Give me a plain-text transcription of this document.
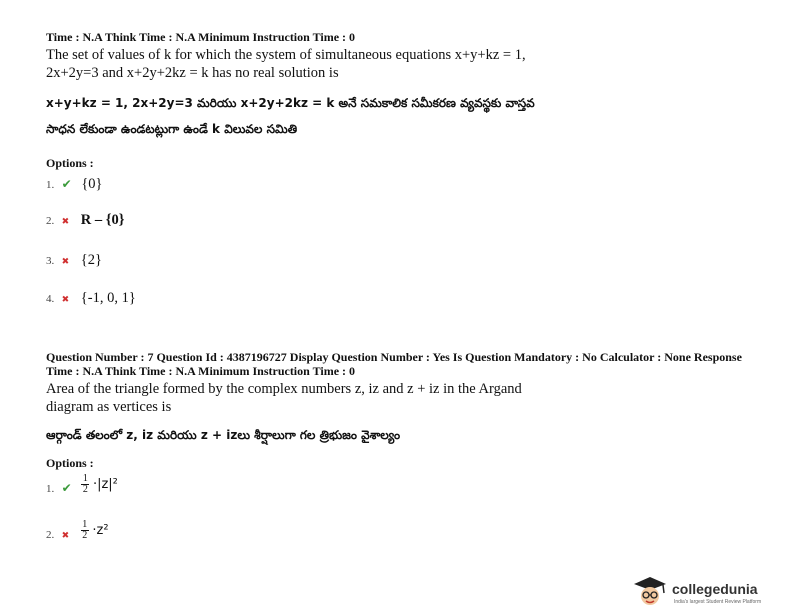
Time : N.A Think Time : N.A Minimum Instruction Time : 0
The set of values of k for which the system of simultaneous equations x+y+kz = 1,
2x+2y=3 and x+2y+2kz = k has no real solution is
x+y+kz = 1, 2x+2y=3 మరియు x+2y+2kz = k అనే సమకాలిక సమీకరణ వ్యవస్థకు వాస్తవ
సాధన లేకుండా ఉండటట్లుగా ఉండే k విలువల సమితి
Options :
1. ✔ {0}
2. ✖ R – {0}
3. ✖ {2}
4. ✖ {-1, 0, 1}
Question Number : 7 Question Id : 4387196727 Display Question Number : Yes Is Question Mandatory : No Calculator : None Response
Time : N.A Think Time : N.A Minimum Instruction Time : 0
Area of the triangle formed by the complex numbers z, iz and z + iz in the Argand
diagram as vertices is
ఆర్గాండ్ తలంలో z, iz మరియు z + izలు శీర్షాలుగా గల త్రిభుజం వైశాల్యం
Options :
1. ✔ $\frac{1}{2} \cdot|z|^2$
2. ✖ $\frac{1}{2} \cdot z^2$
collegedunia
India's largest Student Review Platform
